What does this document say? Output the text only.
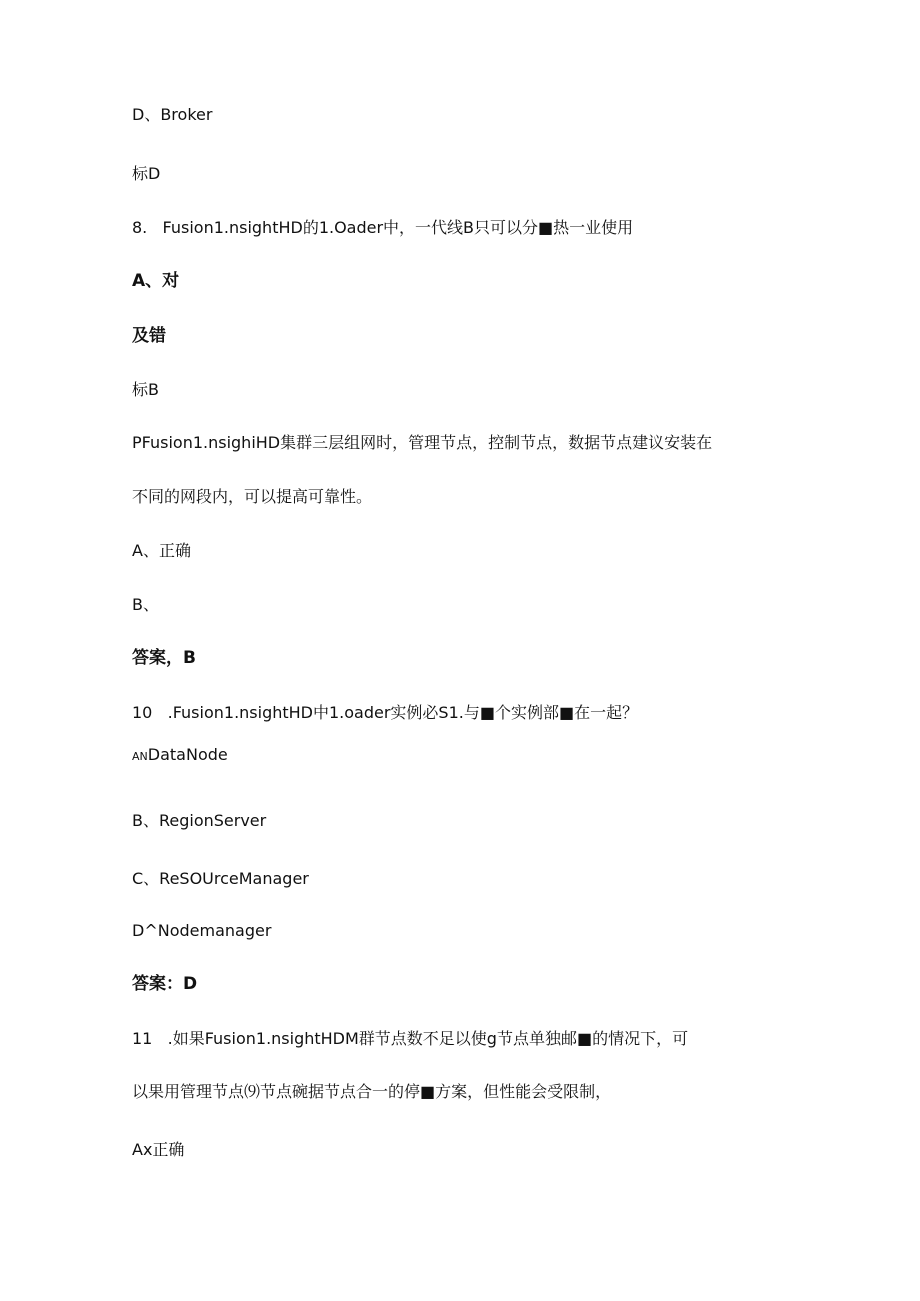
D、Broker
标D
8.   Fusion1.nsightHD的1.Oader中，一代线B只可以分■热一业使用
A、对
及错
标B
PFusion1.nsighiHD集群三层组网时，管理节点，控制节点，数据节点建议安装在
不同的网段内，可以提高可靠性。
A、正确
B、
答案，B
10   .Fusion1.nsightHD中1.oader实例必S1.与■个实例部■在一起？
ANDataNode
B、RegionServer
C、ReSOUrceManager
D^Nodemanager
答案：D
11   .如果Fusion1.nsightHDM群节点数不足以使g节点单独邮■的情况下，可
以果用管理节点⑼节点碗据节点合一的停■方案，但性能会受限制，
Ax正确
